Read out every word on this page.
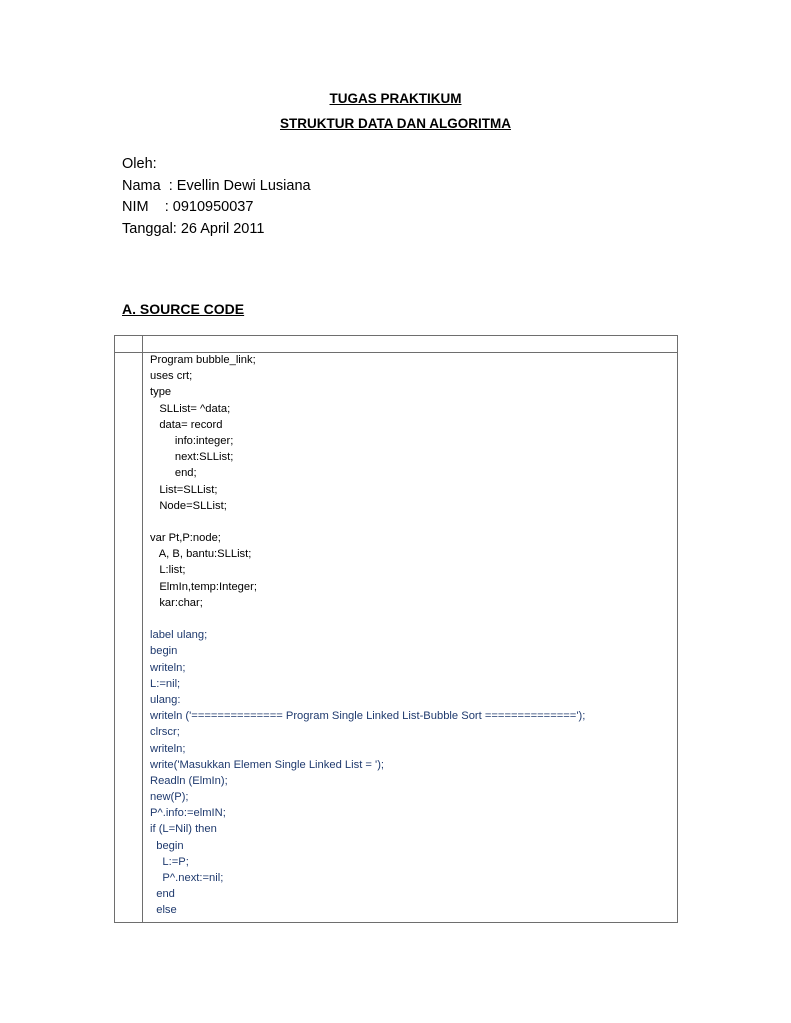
TUGAS PRAKTIKUM
STRUKTUR DATA DAN ALGORITMA
Oleh:
Nama  : Evellin Dewi Lusiana
NIM    : 0910950037
Tanggal: 26 April 2011
A. SOURCE CODE
Program bubble_link;
uses crt;
type
SLList= ^data;
data= record
info:integer;
next:SLList;
end;
List=SLList;
Node=SLList;

var Pt,P:node;
A, B, bantu:SLList;
L:list;
ElmIn,temp:Integer;
kar:char;

label ulang;
begin
writeln;
L:=nil;
ulang:
writeln ('============== Program Single Linked List-Bubble Sort ==============');
clrscr;
writeln;
write('Masukkan Elemen Single Linked List = ');
Readln (ElmIn);
new(P);
P^.info:=elmIN;
if (L=Nil) then
begin
L:=P;
P^.next:=nil;
end
else
